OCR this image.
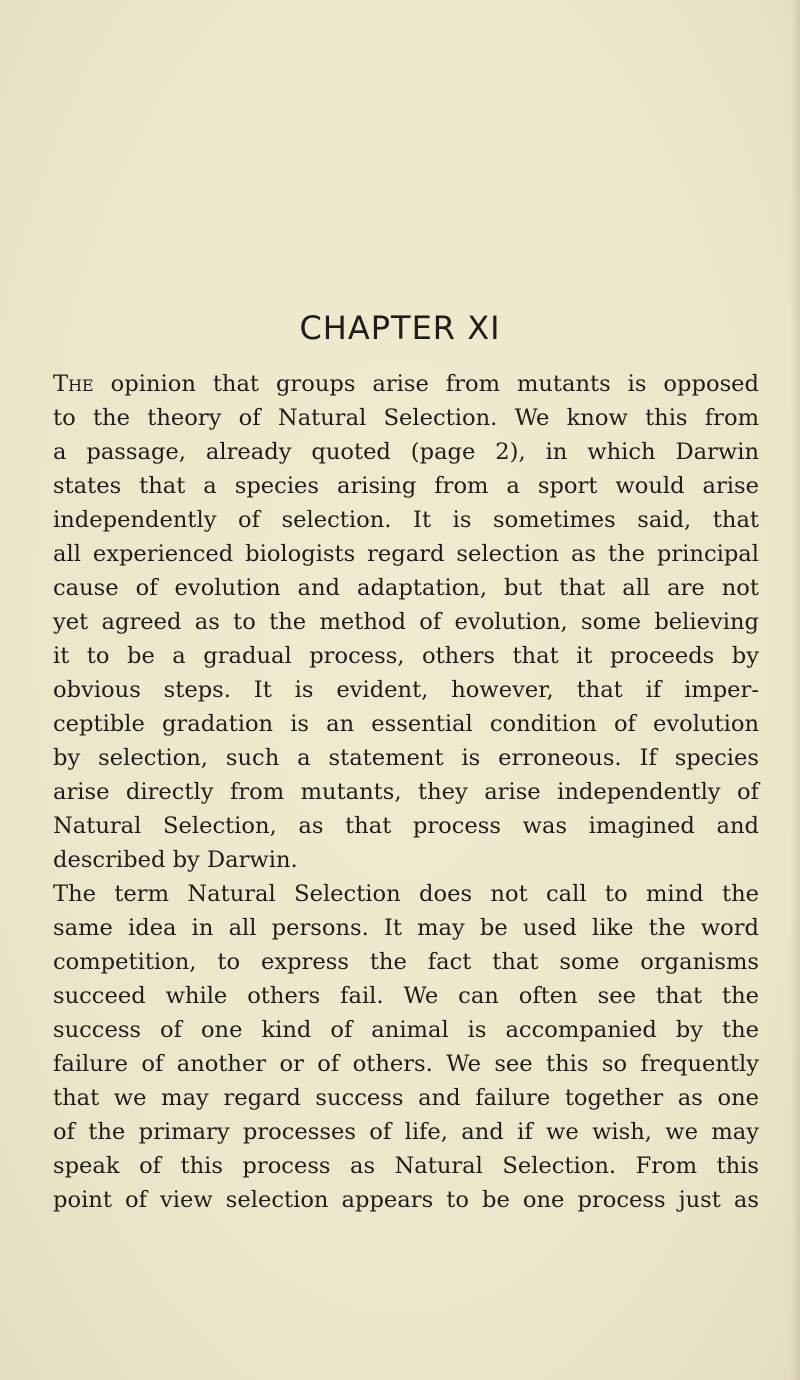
CHAPTER XI
The opinion that groups arise from mutants is opposed
to the theory of Natural Selection. We know this from
a passage, already quoted (page 2), in which Darwin
states that a species arising from a sport would arise
independently of selection. It is sometimes said, that
all experienced biologists regard selection as the principal
cause of evolution and adaptation, but that all are not
yet agreed as to the method of evolution, some believing
it to be a gradual process, others that it proceeds by
obvious steps. It is evident, however, that if imper-
ceptible gradation is an essential condition of evolution
by selection, such a statement is erroneous. If species
arise directly from mutants, they arise independently of
Natural Selection, as that process was imagined and
described by Darwin.
The term Natural Selection does not call to mind the
same idea in all persons. It may be used like the word
competition, to express the fact that some organisms
succeed while others fail. We can often see that the
success of one kind of animal is accompanied by the
failure of another or of others. We see this so frequently
that we may regard success and failure together as one
of the primary processes of life, and if we wish, we may
speak of this process as Natural Selection. From this
point of view selection appears to be one process just as
